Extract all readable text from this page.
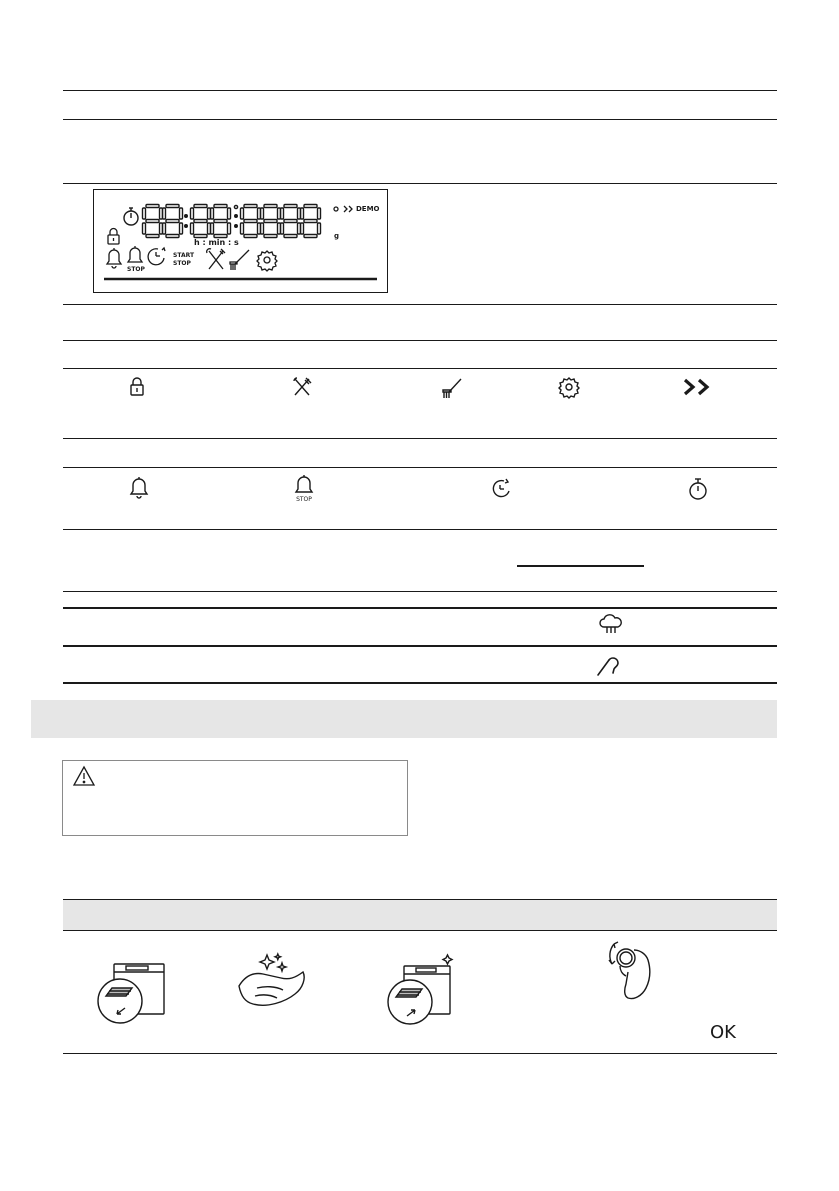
DEMO
h : min : s
g
START
STOP
STOP
STOP
OK
